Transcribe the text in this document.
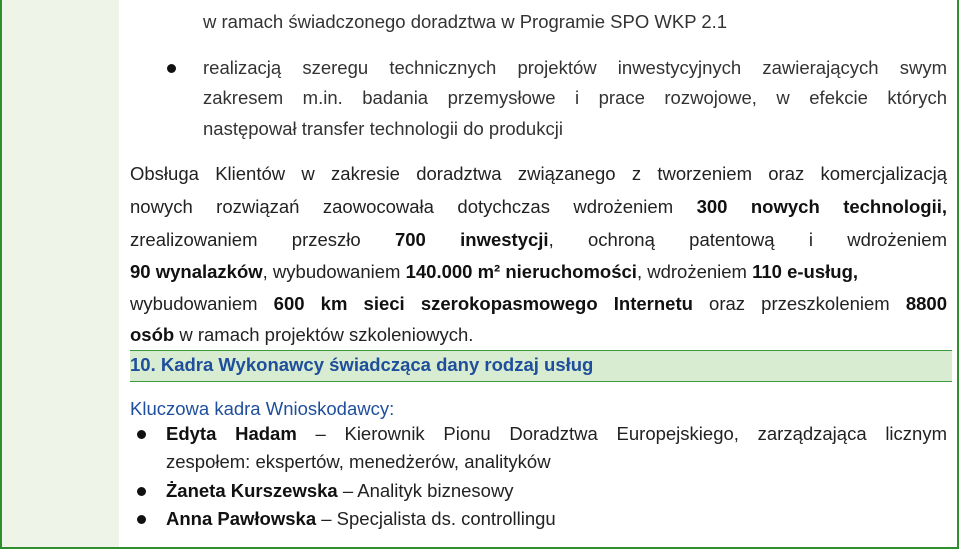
w ramach świadczonego doradztwa w Programie SPO WKP 2.1
realizacją szeregu technicznych projektów inwestycyjnych zawierających swym
zakresem m.in. badania przemysłowe i prace rozwojowe, w efekcie których
następował transfer technologii do produkcji
Obsługa Klientów w zakresie doradztwa związanego z tworzeniem oraz komercjalizacją
nowych rozwiązań zaowocowała dotychczas wdrożeniem 300 nowych technologii,
zrealizowaniem przeszło 700 inwestycji, ochroną patentową i wdrożeniem
90 wynalazków, wybudowaniem 140.000 m² nieruchomości, wdrożeniem 110 e-usług,
wybudowaniem 600 km sieci szerokopasmowego Internetu oraz przeszkoleniem 8800
osób w ramach projektów szkoleniowych.
10. Kadra Wykonawcy świadcząca dany rodzaj usług
Kluczowa kadra Wnioskodawcy:
Edyta Hadam – Kierownik Pionu Doradztwa Europejskiego, zarządzająca licznym
zespołem: ekspertów, menedżerów, analityków
Żaneta Kurszewska – Analityk biznesowy
Anna Pawłowska – Specjalista ds. controllingu
